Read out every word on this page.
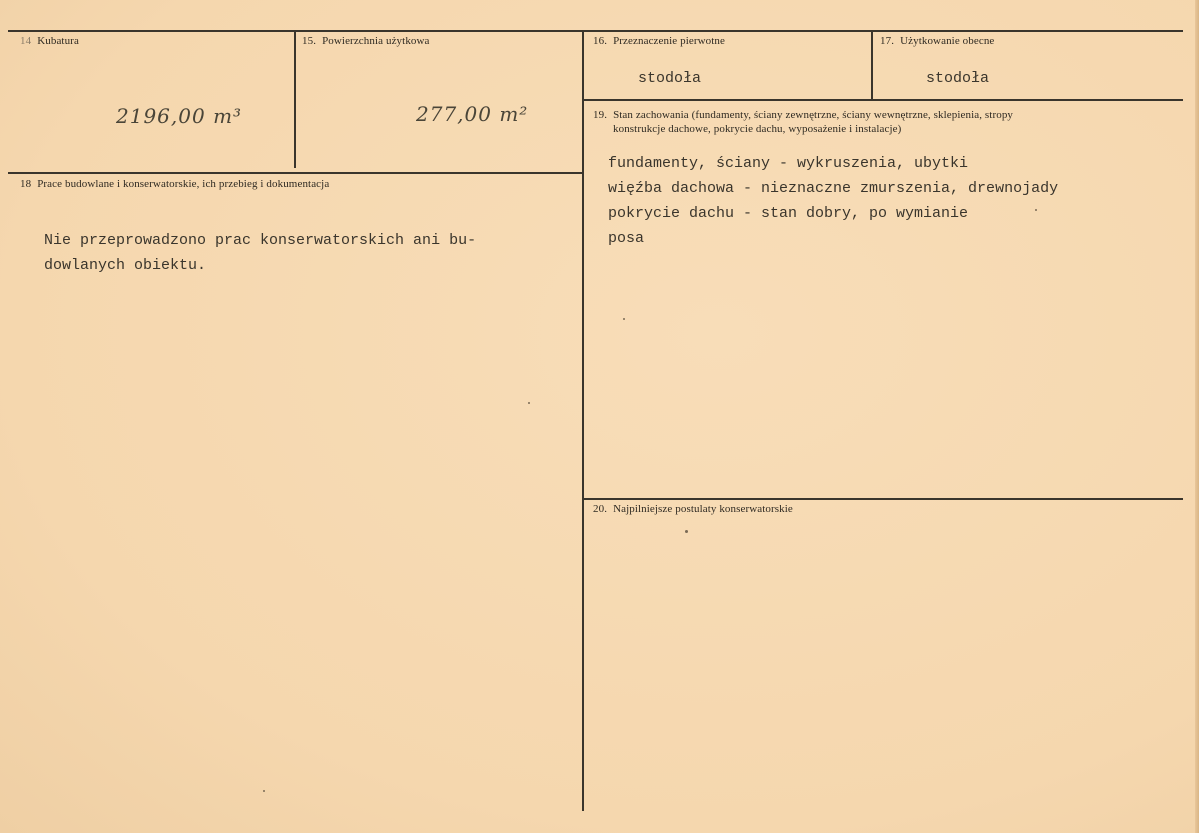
14 Kubatura
2196,00 m³
15. Powierzchnia użytkowa
277,00 m²
16. Przeznaczenie pierwotne
stodoła
17. Użytkowanie obecne
stodoła
18 Prace budowlane i konserwatorskie, ich przebieg i dokumentacja
Nie przeprowadzono prac konserwatorskich ani bu-
dowlanych obiektu.
19. Stan zachowania (fundamenty, ściany zewnętrzne, ściany wewnętrzne, sklepienia, stropy
konstrukcje dachowe, pokrycie dachu, wyposażenie i instalacje)
fundamenty, ściany - wykruszenia, ubytki
więźba dachowa - nieznaczne zmurszenia, drewnojady
pokrycie dachu - stan dobry, po wymianie
posa
20. Najpilniejsze postulaty konserwatorskie
